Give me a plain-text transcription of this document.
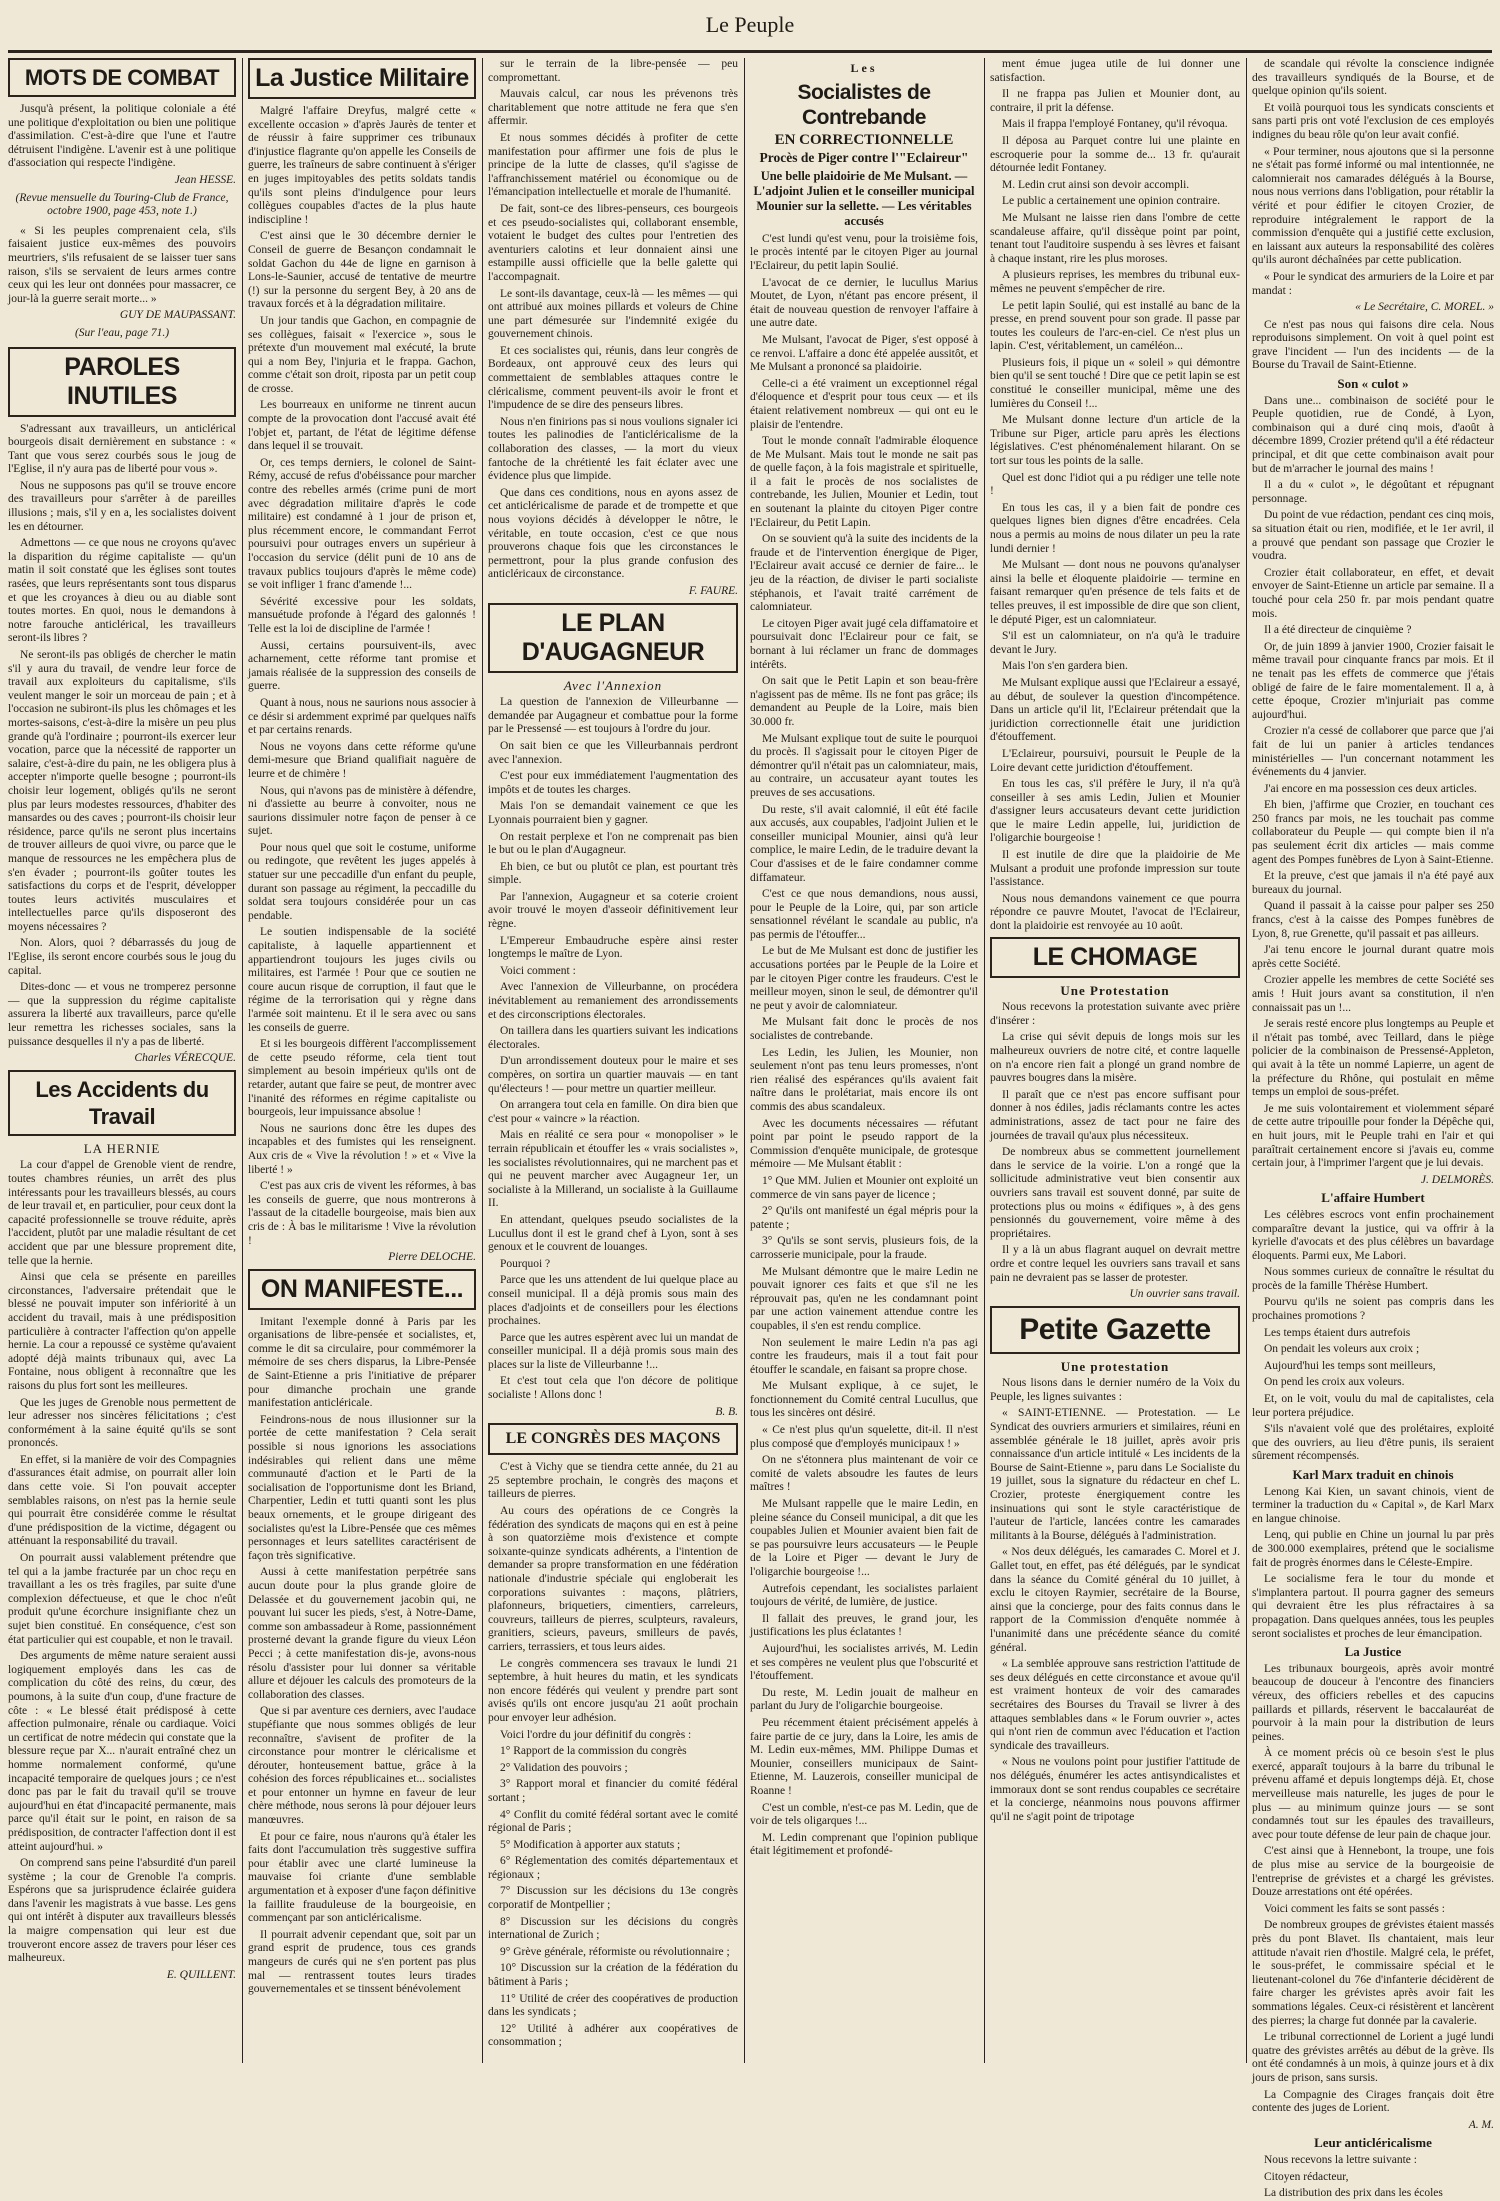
Le Peuple
MOTS DE COMBAT

Jusqu'à présent, la politique coloniale a été une politique d'exploitation ou bien une politique d'assimilation. C'est-à-dire que l'une et l'autre détruisent l'indigène. L'avenir est à une politique d'association qui respecte l'indigène.

Jean HESSE.
(Revue mensuelle du Touring-Club de France, octobre 1900, page 453, note 1.)

« Si les peuples comprenaient cela, s'ils faisaient justice eux-mêmes des pouvoirs meurtriers, s'ils refusaient de se laisser tuer sans raison, s'ils se servaient de leurs armes contre ceux qui les leur ont données pour massacrer, ce jour-là la guerre serait morte... »

GUY DE MAUPASSANT.
(Sur l'eau, page 71.)
PAROLES INUTILES

S'adressant aux travailleurs, un anticlérical bourgeois disait dernièrement en substance : « Tant que vous serez courbés sous le joug de l'Eglise, il n'y aura pas de liberté pour vous ».

Nous ne supposons pas qu'il se trouve encore des travailleurs pour s'arrêter à de pareilles illusions ; mais, s'il y en a, les socialistes doivent les en détourner.

Admettons — ce que nous ne croyons qu'avec la disparition du régime capitaliste — qu'un matin il soit constaté que les églises sont toutes rasées, que leurs représentants sont tous disparus et que les croyances à dieu ou au diable sont toutes mortes. En quoi, nous le demandons à notre farouche anticlérical, les travailleurs seront-ils libres ?

Ne seront-ils pas obligés de chercher le matin s'il y aura du travail, de vendre leur force de travail aux exploiteurs du capitalisme, s'ils veulent manger le soir un morceau de pain ; et à l'occasion ne subiront-ils plus les chômages et les mortes-saisons, c'est-à-dire la misère un peu plus grande qu'à l'ordinaire ; pourront-ils exercer leur vocation, parce que la nécessité de rapporter un salaire, c'est-à-dire du pain, ne les obligera plus à accepter n'importe quelle besogne ; pourront-ils choisir leur logement, obligés qu'ils ne seront plus par leurs modestes ressources, d'habiter des mansardes ou des caves ; pourront-ils choisir leur résidence, parce qu'ils ne seront plus incertains de trouver ailleurs de quoi vivre, ou parce que le manque de ressources ne les empêchera plus de s'en évader ; pourront-ils goûter toutes les satisfactions du corps et de l'esprit, développer toutes leurs activités musculaires et intellectuelles parce qu'ils disposeront des moyens nécessaires ?

Non. Alors, quoi ? débarrassés du joug de l'Eglise, ils seront encore courbés sous le joug du capital.

Dites-donc — et vous ne tromperez personne — que la suppression du régime capitaliste assurera la liberté aux travailleurs, parce qu'elle leur remettra les richesses sociales, sans la puissance desquelles il n'y a pas de liberté.

Charles VÉRECQUE.
Les Accidents du Travail
LA HERNIE

La cour d'appel de Grenoble vient de rendre, toutes chambres réunies, un arrêt des plus intéressants pour les travailleurs blessés, au cours de leur travail et, en particulier, pour ceux dont la capacité professionnelle se trouve réduite, après l'accident, plutôt par une maladie résultant de cet accident que par une blessure proprement dite, telle que la hernie.

Ainsi que cela se présente en pareilles circonstances, l'adversaire prétendait que le blessé ne pouvait imputer son infériorité à un accident du travail, mais à une prédisposition particulière à contracter l'affection qu'on appelle hernie. La cour a repoussé ce système qu'avaient adopté déjà maints tribunaux qui, avec La Fontaine, nous obligent à reconnaître que les raisons du plus fort sont les meilleures.

Que les juges de Grenoble nous permettent de leur adresser nos sincères félicitations ; c'est conformément à la saine équité qu'ils se sont prononcés.

En effet, si la manière de voir des Compagnies d'assurances était admise, on pourrait aller loin dans cette voie. Si l'on pouvait accepter semblables raisons, on n'est pas la hernie seule qui pourrait être considérée comme le résultat d'une prédisposition de la victime, dégagent ou atténuant la responsabilité du travail.

On pourrait aussi valablement prétendre que tel qui a la jambe fracturée par un choc reçu en travaillant a les os très fragiles, par suite d'une complexion défectueuse, et que le choc n'eût produit qu'une écorchure insignifiante chez un sujet bien constitué. En conséquence, c'est son état particulier qui est coupable, et non le travail.

Des arguments de même nature seraient aussi logiquement employés dans les cas de complication du côté des reins, du cœur, des poumons, à la suite d'un coup, d'une fracture de côte : « Le blessé était prédisposé à cette affection pulmonaire, rénale ou cardiaque. Voici un certificat de notre médecin qui constate que la blessure reçue par X... n'aurait entraîné chez un homme normalement conformé, qu'une incapacité temporaire de quelques jours ; ce n'est donc pas par le fait du travail qu'il se trouve aujourd'hui en état d'incapacité permanente, mais parce qu'il était sur le point, en raison de sa prédisposition, de contracter l'affection dont il est atteint aujourd'hui. »

On comprend sans peine l'absurdité d'un pareil système ; la cour de Grenoble l'a compris. Espérons que sa jurisprudence éclairée guidera dans l'avenir les magistrats à vue basse. Les gens qui ont intérêt à disputer aux travailleurs blessés la maigre compensation qui leur est due trouveront encore assez de travers pour léser ces malheureux.

E. QUILLENT.
La Justice Militaire

Malgré l'affaire Dreyfus, malgré cette « excellente occasion » d'après Jaurès de tenter et de réussir à faire supprimer ces tribunaux d'injustice flagrante qu'on appelle les Conseils de guerre, les traîneurs de sabre continuent à s'ériger en juges impitoyables des petits soldats tandis qu'ils sont pleins d'indulgence pour leurs collègues coupables d'actes de la plus haute indiscipline !

C'est ainsi que le 30 décembre dernier le Conseil de guerre de Besançon condamnait le soldat Gachon du 44e de ligne en garnison à Lons-le-Saunier, accusé de tentative de meurtre (!) sur la personne du sergent Bey, à 20 ans de travaux forcés et à la dégradation militaire.

Un jour tandis que Gachon, en compagnie de ses collègues, faisait « l'exercice », sous le prétexte d'un mouvement mal exécuté, la brute qui a nom Bey, l'injuria et le frappa. Gachon, comme c'était son droit, riposta par un petit coup de crosse.

Les bourreaux en uniforme ne tinrent aucun compte de la provocation dont l'accusé avait été l'objet et, partant, de l'état de légitime défense dans lequel il se trouvait.

Or, ces temps derniers, le colonel de Saint-Rémy, accusé de refus d'obéissance pour marcher contre des rebelles armés (crime puni de mort avec dégradation militaire d'après le code militaire) est condamné à 1 jour de prison et, plus récemment encore, le commandant Ferrot poursuivi pour outrages envers un supérieur à l'occasion du service (délit puni de 10 ans de travaux publics toujours d'après le même code) se voit infliger 1 franc d'amende !...

Sévérité excessive pour les soldats, mansuétude profonde à l'égard des galonnés ! Telle est la loi de discipline de l'armée !

Aussi, certains poursuivent-ils, avec acharnement, cette réforme tant promise et jamais réalisée de la suppression des conseils de guerre.

Quant à nous, nous ne saurions nous associer à ce désir si ardemment exprimé par quelques naïfs et par certains renards.

Nous ne voyons dans cette réforme qu'une demi-mesure que Briand qualifiait naguère de leurre et de chimère !

Nous, qui n'avons pas de ministère à défendre, ni d'assiette au beurre à convoiter, nous ne saurions dissimuler notre façon de penser à ce sujet.

Pour nous quel que soit le costume, uniforme ou redingote, que revêtent les juges appelés à statuer sur une peccadille d'un enfant du peuple, durant son passage au régiment, la peccadille du soldat sera toujours considérée pour un cas pendable.

Le soutien indispensable de la société capitaliste, à laquelle appartiennent et appartiendront toujours les juges civils ou militaires, est l'armée ! Pour que ce soutien ne coure aucun risque de corruption, il faut que le régime de la terrorisation qui y règne dans l'armée soit maintenu. Et il le sera avec ou sans les conseils de guerre.

Et si les bourgeois diffèrent l'accomplissement de cette pseudo réforme, cela tient tout simplement au besoin impérieux qu'ils ont de retarder, autant que faire se peut, de montrer avec l'inanité des réformes en régime capitaliste ou bourgeois, leur impuissance absolue !

Nous ne saurions donc être les dupes des incapables et des fumistes qui les renseignent. Aux cris de « Vive la révolution ! » et « Vive la liberté ! »

C'est pas aux cris de vivent les réformes, à bas les conseils de guerre, que nous montrerons à l'assaut de la citadelle bourgeoise, mais bien aux cris de : À bas le militarisme ! Vive la révolution !

Pierre DELOCHE.
ON MANIFESTE...

Imitant l'exemple donné à Paris par les organisations de libre-pensée et socialistes, et, comme le dit sa circulaire, pour commémorer la mémoire de ses chers disparus, la Libre-Pensée de Saint-Etienne a pris l'initiative de préparer pour dimanche prochain une grande manifestation anticléricale.

Feindrons-nous de nous illusionner sur la portée de cette manifestation ? Cela serait possible si nous ignorions les associations indésirables qui relient dans une même communauté d'action et le Parti de la socialisation de l'opportunisme dont les Briand, Charpentier, Ledin et tutti quanti sont les plus beaux ornements, et le groupe dirigeant des socialistes qu'est la Libre-Pensée que ces mêmes personnages et leurs satellites caractérisent de façon très significative.

Aussi à cette manifestation perpétrée sans aucun doute pour la plus grande gloire de Delassée et du gouvernement jacobin qui, ne pouvant lui sucer les pieds, s'est, à Notre-Dame, comme son ambassadeur à Rome, passionnément prosterné devant la grande figure du vieux Léon Pecci ; à cette manifestation dis-je, avons-nous résolu d'assister pour lui donner sa véritable allure et déjouer les calculs des promoteurs de la collaboration des classes.

Que si par aventure ces derniers, avec l'audace stupéfiante que nous sommes obligés de leur reconnaître, s'avisent de profiter de la circonstance pour montrer le cléricalisme et dérouter, honteusement battue, grâce à la cohésion des forces républicaines et... socialistes et pour entonner un hymne en faveur de leur chère méthode, nous serons là pour déjouer leurs manœuvres.

Et pour ce faire, nous n'aurons qu'à étaler les faits dont l'accumulation très suggestive suffira pour établir avec une clarté lumineuse la mauvaise foi criante d'une semblable argumentation et à exposer d'une façon définitive la faillite frauduleuse de la bourgeoisie, en commençant par son anticléricalisme.

Il pourrait advenir cependant que, soit par un grand esprit de prudence, tous ces grands mangeurs de curés qui ne s'en portent pas plus mal — rentrassent toutes leurs tirades gouvernementales et se tinssent bénévolement

sur le terrain de la libre-pensée — peu compromettant.

Mauvais calcul, car nous les prévenons très charitablement que notre attitude ne fera que s'en affermir.

Et nous sommes décidés à profiter de cette manifestation pour affirmer une fois de plus le principe de la lutte de classes, qu'il s'agisse de l'affranchissement matériel ou économique ou de l'émancipation intellectuelle et morale de l'humanité.

De fait, sont-ce des libres-penseurs, ces bourgeois et ces pseudo-socialistes qui, collaborant ensemble, votaient le budget des cultes pour l'entretien des aventuriers calotins et leur donnaient ainsi une estampille aussi officielle que la belle galette qui l'accompagnait.

Le sont-ils davantage, ceux-là — les mêmes — qui ont attribué aux moines pillards et voleurs de Chine une part démesurée sur l'indemnité exigée du gouvernement chinois.

Et ces socialistes qui, réunis, dans leur congrès de Bordeaux, ont approuvé ceux des leurs qui commettaient de semblables attaques contre le cléricalisme, comment peuvent-ils avoir le front et l'impudence de se dire des penseurs libres.

Nous n'en finirions pas si nous voulions signaler ici toutes les palinodies de l'anticléricalisme de la collaboration des classes, — la mort du vieux fantoche de la chrétienté les fait éclater avec une évidence plus que limpide.

Que dans ces conditions, nous en ayons assez de cet anticléricalisme de parade et de trompette et que nous voyions décidés à développer le nôtre, le véritable, en toute occasion, c'est ce que nous prouverons chaque fois que les circonstances le permettront, pour la plus grande confusion des anticléricaux de circonstance.

F. FAURE.
LE PLAN D'AUGAGNEUR
Avec l'Annexion

La question de l'annexion de Villeurbanne — demandée par Augagneur et combattue pour la forme par le Pressensé — est toujours à l'ordre du jour.

On sait bien ce que les Villeurbannais perdront avec l'annexion.

C'est pour eux immédiatement l'augmentation des impôts et de toutes les charges.

Mais l'on se demandait vainement ce que les Lyonnais pourraient bien y gagner.

On restait perplexe et l'on ne comprenait pas bien le but ou le plan d'Augagneur.

Eh bien, ce but ou plutôt ce plan, est pourtant très simple.

Par l'annexion, Augagneur et sa coterie croient avoir trouvé le moyen d'asseoir définitivement leur règne.

L'Empereur Embaudruche espère ainsi rester longtemps le maître de Lyon.

Voici comment :

Avec l'annexion de Villeurbanne, on procédera inévitablement au remaniement des arrondissements et des circonscriptions électorales.

On taillera dans les quartiers suivant les indications électorales.

D'un arrondissement douteux pour le maire et ses compères, on sortira un quartier mauvais — en tant qu'électeurs ! — pour mettre un quartier meilleur.

On arrangera tout cela en famille. On dira bien que c'est pour « vaincre » la réaction.

Mais en réalité ce sera pour « monopoliser » le terrain républicain et étouffer les « vrais socialistes », les socialistes révolutionnaires, qui ne marchent pas et qui ne peuvent marcher avec Augagneur 1er, un socialiste à la Millerand, un socialiste à la Guillaume II.

En attendant, quelques pseudo socialistes de la Lucullus dont il est le grand chef à Lyon, sont à ses genoux et le couvrent de louanges.

Pourquoi ?

Parce que les uns attendent de lui quelque place au conseil municipal. Il a déjà promis sous main des places d'adjoints et de conseillers pour les élections prochaines.

Parce que les autres espèrent avec lui un mandat de conseiller municipal. Il a déjà promis sous main des places sur la liste de Villeurbanne !...

Et c'est tout cela que l'on décore de politique socialiste ! Allons donc !

B. B.
LE CONGRÈS DES MAÇONS

C'est à Vichy que se tiendra cette année, du 21 au 25 septembre prochain, le congrès des maçons et tailleurs de pierres.

Au cours des opérations de ce Congrès la fédération des syndicats de maçons qui en est à peine à son quatorzième mois d'existence et compte soixante-quinze syndicats adhérents, a l'intention de demander sa propre transformation en une fédération nationale d'industrie spéciale qui engloberait les corporations suivantes : maçons, plâtriers, plafonneurs, briquetiers, cimentiers, carreleurs, couvreurs, tailleurs de pierres, sculpteurs, ravaleurs, granitiers, scieurs, paveurs, smilleurs de pavés, carriers, terrassiers, et tous leurs aides.

Le congrès commencera ses travaux le lundi 21 septembre, à huit heures du matin, et les syndicats non encore fédérés qui veulent y prendre part sont avisés qu'ils ont encore jusqu'au 21 août prochain pour envoyer leur adhésion.

Voici l'ordre du jour définitif du congrès :

1° Rapport de la commission du congrès

2° Validation des pouvoirs ;

3° Rapport moral et financier du comité fédéral sortant ;

4° Conflit du comité fédéral sortant avec le comité régional de Paris ;

5° Modification à apporter aux statuts ;

6° Réglementation des comités départementaux et régionaux ;

7° Discussion sur les décisions du 13e congrès corporatif de Montpellier ;

8° Discussion sur les décisions du congrès international de Zurich ;

9° Grève générale, réformiste ou révolutionnaire ;

10° Discussion sur la création de la fédération du bâtiment à Paris ;

11° Utilité de créer des coopératives de production dans les syndicats ;

12° Utilité à adhérer aux coopératives de consommation ;

Les
Socialistes de Contrebande
EN CORRECTIONNELLE
Procès de Piger contre l'"Eclaireur"
Une belle plaidoirie de Me Mulsant. — L'adjoint Julien et le conseiller municipal Mounier sur la sellette. — Les véritables accusés

C'est lundi qu'est venu, pour la troisième fois, le procès intenté par le citoyen Piger au journal l'Eclaireur, du petit lapin Soulié.

L'avocat de ce dernier, le lucullus Marius Moutet, de Lyon, n'étant pas encore présent, il était de nouveau question de renvoyer l'affaire à une autre date.

Me Mulsant, l'avocat de Piger, s'est opposé à ce renvoi. L'affaire a donc été appelée aussitôt, et Me Mulsant a prononcé sa plaidoirie.

Celle-ci a été vraiment un exceptionnel régal d'éloquence et d'esprit pour tous ceux — et ils étaient relativement nombreux — qui ont eu le plaisir de l'entendre.

Tout le monde connaît l'admirable éloquence de Me Mulsant. Mais tout le monde ne sait pas de quelle façon, à la fois magistrale et spirituelle, il a fait le procès de nos socialistes de contrebande, les Julien, Mounier et Ledin, tout en soutenant la plainte du citoyen Piger contre l'Eclaireur, du Petit Lapin.

On se souvient qu'à la suite des incidents de la fraude et de l'intervention énergique de Piger, l'Eclaireur avait accusé ce dernier de faire... le jeu de la réaction, de diviser le parti socialiste stéphanois, et l'avait traité carrément de calomniateur.

Le citoyen Piger avait jugé cela diffamatoire et poursuivait donc l'Eclaireur pour ce fait, se bornant à lui réclamer un franc de dommages intérêts.

On sait que le Petit Lapin et son beau-frère n'agissent pas de même. Ils ne font pas grâce; ils demandent au Peuple de la Loire, mais bien 30.000 fr.

Me Mulsant explique tout de suite le pourquoi du procès. Il s'agissait pour le citoyen Piger de démontrer qu'il n'était pas un calomniateur, mais, au contraire, un accusateur ayant toutes les preuves de ses accusations.

Du reste, s'il avait calomnié, il eût été facile aux accusés, aux coupables, l'adjoint Julien et le conseiller municipal Mounier, ainsi qu'à leur complice, le maire Ledin, de le traduire devant la Cour d'assises et de le faire condamner comme diffamateur.

C'est ce que nous demandions, nous aussi, pour le Peuple de la Loire, qui, par son article sensationnel révélant le scandale au public, n'a pas permis de l'étouffer...

Le but de Me Mulsant est donc de justifier les accusations portées par le Peuple de la Loire et par le citoyen Piger contre les fraudeurs. C'est le meilleur moyen, sinon le seul, de démontrer qu'il ne peut y avoir de calomniateur.

Me Mulsant fait donc le procès de nos socialistes de contrebande.

Les Ledin, les Julien, les Mounier, non seulement n'ont pas tenu leurs promesses, n'ont rien réalisé des espérances qu'ils avaient fait naître dans le prolétariat, mais encore ils ont commis des abus scandaleux.

Avec les documents nécessaires — réfutant point par point le pseudo rapport de la Commission d'enquête municipale, de grotesque mémoire — Me Mulsant établit :

1° Que MM. Julien et Mounier ont exploité un commerce de vin sans payer de licence ;

2° Qu'ils ont manifesté un égal mépris pour la patente ;

3° Qu'ils se sont servis, plusieurs fois, de la carrosserie municipale, pour la fraude.

Me Mulsant démontre que le maire Ledin ne pouvait ignorer ces faits et que s'il ne les réprouvait pas, qu'en ne les condamnant point par une action vainement attendue contre les coupables, il s'en est rendu complice.

Non seulement le maire Ledin n'a pas agi contre les fraudeurs, mais il a tout fait pour étouffer le scandale, en faisant sa propre chose.

Me Mulsant explique, à ce sujet, le fonctionnement du Comité central Lucullus, que tous les sincères ont désiré.

« Ce n'est plus qu'un squelette, dit-il. Il n'est plus composé que d'employés municipaux ! »

On ne s'étonnera plus maintenant de voir ce comité de valets absoudre les fautes de leurs maîtres !

Me Mulsant rappelle que le maire Ledin, en pleine séance du Conseil municipal, a dit que les coupables Julien et Mounier avaient bien fait de se pas poursuivre leurs accusateurs — le Peuple de la Loire et Piger — devant le Jury de l'oligarchie bourgeoise !...

Autrefois cependant, les socialistes parlaient toujours de vérité, de lumière, de justice.

Il fallait des preuves, le grand jour, les justifications les plus éclatantes !

Aujourd'hui, les socialistes arrivés, M. Ledin et ses compères ne veulent plus que l'obscurité et l'étouffement.

Du reste, M. Ledin jouait de malheur en parlant du Jury de l'oligarchie bourgeoise.

Peu récemment étaient précisément appelés à faire partie de ce jury, dans la Loire, les amis de M. Ledin eux-mêmes, MM. Philippe Dumas et Mounier, conseillers municipaux de Saint-Etienne, M. Lauzerois, conseiller municipal de Roanne !

C'est un comble, n'est-ce pas M. Ledin, que de voir de tels oligarques !...

M. Ledin comprenant que l'opinion publique était légitimement et profondé-

ment émue jugea utile de lui donner une satisfaction.

Il ne frappa pas Julien et Mounier dont, au contraire, il prit la défense.

Mais il frappa l'employé Fontaney, qu'il révoqua.

Il déposa au Parquet contre lui une plainte en escroquerie pour la somme de... 13 fr. qu'aurait détournée ledit Fontaney.

M. Ledin crut ainsi son devoir accompli.

Le public a certainement une opinion contraire.

Me Mulsant ne laisse rien dans l'ombre de cette scandaleuse affaire, qu'il dissèque point par point, tenant tout l'auditoire suspendu à ses lèvres et faisant à chaque instant, rire les plus moroses.

A plusieurs reprises, les membres du tribunal eux-mêmes ne peuvent s'empêcher de rire.

Le petit lapin Soulié, qui est installé au banc de la presse, en prend souvent pour son grade. Il passe par toutes les couleurs de l'arc-en-ciel. Ce n'est plus un lapin. C'est, véritablement, un caméléon...

Plusieurs fois, il pique un « soleil » qui démontre bien qu'il se sent touché ! Dire que ce petit lapin se est constitué le conseiller municipal, même une des lumières du Conseil !...

Me Mulsant donne lecture d'un article de la Tribune sur Piger, article paru après les élections législatives. C'est phénoménalement hilarant. On se tort sur tous les points de la salle.

Quel est donc l'idiot qui a pu rédiger une telle note !

En tous les cas, il y a bien fait de pondre ces quelques lignes bien dignes d'être encadrées. Cela nous a permis au moins de nous dilater un peu la rate lundi dernier !

Me Mulsant — dont nous ne pouvons qu'analyser ainsi la belle et éloquente plaidoirie — termine en faisant remarquer qu'en présence de tels faits et de telles preuves, il est impossible de dire que son client, le député Piger, est un calomniateur.

S'il est un calomniateur, on n'a qu'à le traduire devant le Jury.

Mais l'on s'en gardera bien.

Me Mulsant explique aussi que l'Eclaireur a essayé, au début, de soulever la question d'incompétence. Dans un article qu'il lit, l'Eclaireur prétendait que la juridiction correctionnelle était une juridiction d'étouffement.

L'Eclaireur, poursuivi, poursuit le Peuple de la Loire devant cette juridiction d'étouffement.

En tous les cas, s'il préfère le Jury, il n'a qu'à conseiller à ses amis Ledin, Julien et Mounier d'assigner leurs accusateurs devant cette juridiction que le maire Ledin appelle, lui, juridiction de l'oligarchie bourgeoise !

Il est inutile de dire que la plaidoirie de Me Mulsant a produit une profonde impression sur toute l'assistance.

Nous nous demandons vainement ce que pourra répondre ce pauvre Moutet, l'avocat de l'Eclaireur, dont la plaidoirie est renvoyée au 10 août.

LE CHOMAGE
Une Protestation

Nous recevons la protestation suivante avec prière d'insérer :

La crise qui sévit depuis de longs mois sur les malheureux ouvriers de notre cité, et contre laquelle on n'a encore rien fait a plongé un grand nombre de pauvres bougres dans la misère.

Il paraît que ce n'est pas encore suffisant pour donner à nos édiles, jadis réclamants contre les actes administrations, assez de tact pour ne faire des journées de travail qu'aux plus nécessiteux.

De nombreux abus se commettent journellement dans le service de la voirie. L'on a rongé que la sollicitude administrative veut bien consentir aux ouvriers sans travail est souvent donné, par suite de protections plus ou moins « édifiques », à des gens pensionnés du gouvernement, voire même à des propriétaires.

Il y a là un abus flagrant auquel on devrait mettre ordre et contre lequel les ouvriers sans travail et sans pain ne devraient pas se lasser de protester.

Un ouvrier sans travail.
Petite Gazette
Une protestation

Nous lisons dans le dernier numéro de la Voix du Peuple, les lignes suivantes :

« SAINT-ETIENNE. — Protestation. — Le Syndicat des ouvriers armuriers et similaires, réuni en assemblée générale le 18 juillet, après avoir pris connaissance d'un article intitulé « Les incidents de la Bourse de Saint-Etienne », paru dans Le Socialiste du 19 juillet, sous la signature du rédacteur en chef L. Crozier, proteste énergiquement contre les insinuations qui sont le style caractéristique de l'auteur de l'article, lancées contre les camarades militants à la Bourse, délégués à l'administration.

« Nos deux délégués, les camarades C. Morel et J. Gallet tout, en effet, pas été délégués, par le syndicat dans la séance du Comité général du 10 juillet, à exclu le citoyen Raymier, secrétaire de la Bourse, ainsi que la concierge, pour des faits connus dans le rapport de la Commission d'enquête nommée à l'unanimité dans une précédente séance du comité général.

« La semblée approuve sans restriction l'attitude de ses deux délégués en cette circonstance et avoue qu'il est vraiment honteux de voir des camarades secrétaires des Bourses du Travail se livrer à des attaques semblables dans « le Forum ouvrier », actes qui n'ont rien de commun avec l'éducation et l'action syndicale des travailleurs.

« Nous ne voulons point pour justifier l'attitude de nos délégués, énumérer les actes antisyndicalistes et immoraux dont se sont rendus coupables ce secrétaire et la concierge, néanmoins nous pouvons affirmer qu'il ne s'agit point de tripotage

de scandale qui révolte la conscience indignée des travailleurs syndiqués de la Bourse, et de quelque opinion qu'ils soient.

Et voilà pourquoi tous les syndicats conscients et sans parti pris ont voté l'exclusion de ces employés indignes du beau rôle qu'on leur avait confié.

« Pour terminer, nous ajoutons que si la personne ne s'était pas formé informé ou mal intentionnée, ne calomnierait nos camarades délégués à la Bourse, nous nous verrions dans l'obligation, pour rétablir la vérité et pour édifier le citoyen Crozier, de reproduire intégralement le rapport de la commission d'enquête qui a justifié cette exclusion, en laissant aux auteurs la responsabilité des colères qu'ils auront déchaînées par cette publication.

« Pour le syndicat des armuriers de la Loire et par mandat :

« Le Secrétaire, C. MOREL. »

Ce n'est pas nous qui faisons dire cela. Nous reproduisons simplement. On voit à quel point est grave l'incident — l'un des incidents — de la Bourse du Travail de Saint-Etienne.

Son « culot »

Dans une... combinaison de société pour le Peuple quotidien, rue de Condé, à Lyon, combinaison qui a duré cinq mois, d'août à décembre 1899, Crozier prétend qu'il a été rédacteur principal, et dit que cette combinaison avait pour but de m'arracher le journal des mains !

Il a du « culot », le dégoûtant et répugnant personnage.

Du point de vue rédaction, pendant ces cinq mois, sa situation était ou rien, modifiée, et le 1er avril, il a prouvé que pendant son passage que Crozier le voudra.

Crozier était collaborateur, en effet, et devait envoyer de Saint-Etienne un article par semaine. Il a touché pour cela 250 fr. par mois pendant quatre mois.

Il a été directeur de cinquième ?

Or, de juin 1899 à janvier 1900, Crozier faisait le même travail pour cinquante francs par mois. Et il ne tenait pas les effets de commerce que j'étais obligé de faire de le faire momentalement. Il a, à cette époque, Crozier m'injuriait pas comme aujourd'hui.

Crozier n'a cessé de collaborer que parce que j'ai fait de lui un panier à articles tendances ministérielles — l'un concernant notamment les événements du 4 janvier.

J'ai encore en ma possession ces deux articles.

Eh bien, j'affirme que Crozier, en touchant ces 250 francs par mois, ne les touchait pas comme collaborateur du Peuple — qui compte bien il n'a pas seulement écrit dix articles — mais comme agent des Pompes funèbres de Lyon à Saint-Etienne.

Et la preuve, c'est que jamais il n'a été payé aux bureaux du journal.

Quand il passait à la caisse pour palper ses 250 francs, c'est à la caisse des Pompes funèbres de Lyon, 8, rue Grenette, qu'il passait et pas ailleurs.

J'ai tenu encore le journal durant quatre mois après cette Société.

Crozier appelle les membres de cette Société ses amis ! Huit jours avant sa constitution, il n'en connaissait pas un !...

Je serais resté encore plus longtemps au Peuple et il n'était pas tombé, avec Teillard, dans le piège policier de la combinaison de Pressensé-Appleton, qui avait à la tête un nommé Lapierre, un agent de la préfecture du Rhône, qui postulait en même temps un emploi de sous-préfet.

Je me suis volontairement et violemment séparé de cette autre tripouille pour fonder la Dépêche qui, en huit jours, mit le Peuple trahi en l'air et qui paraîtrait certainement encore si j'avais eu, comme certain jour, à l'imprimer l'argent que je lui devais.

J. DELMORÈS.
L'affaire Humbert

Les célèbres escrocs vont enfin prochainement comparaître devant la justice, qui va offrir à la kyrielle d'avocats et des plus célèbres un bavardage éloquents. Parmi eux, Me Labori.

Nous sommes curieux de connaître le résultat du procès de la famille Thérèse Humbert.

Pourvu qu'ils ne soient pas compris dans les prochaines promotions ?

Les temps étaient durs autrefois

On pendait les voleurs aux croix ;

Aujourd'hui les temps sont meilleurs,

On pend les croix aux voleurs.

Et, on le voit, voulu du mal de capitalistes, cela leur portera préjudice.

S'ils n'avaient volé que des prolétaires, exploité que des ouvriers, au lieu d'être punis, ils seraient sûrement récompensés.

Karl Marx traduit en chinois

Lenong Kai Kien, un savant chinois, vient de terminer la traduction du « Capital », de Karl Marx en langue chinoise.

Lenq, qui publie en Chine un journal lu par près de 300.000 exemplaires, prétend que le socialisme fait de progrès énormes dans le Céleste-Empire.

Le socialisme fera le tour du monde et s'implantera partout. Il pourra gagner des semeurs qui devraient être les plus réfractaires à sa propagation. Dans quelques années, tous les peuples seront socialistes et proches de leur émancipation.

La Justice

Les tribunaux bourgeois, après avoir montré beaucoup de douceur à l'encontre des financiers véreux, des officiers rebelles et des capucins paillards et pillards, réservent le baccalauréat de pourvoir à la main pour la distribution de leurs peines.

À ce moment précis où ce besoin s'est le plus exercé, apparaît toujours à la barre du tribunal le prévenu affamé et depuis longtemps déjà. Et, chose merveilleuse mais naturelle, les juges de pour le plus — au minimum quinze jours — se sont condamnés tout sur les épaules des travailleurs, avec pour toute défense de leur pain de chaque jour.

C'est ainsi que à Hennebont, la troupe, une fois de plus mise au service de la bourgeoisie de l'entreprise de grévistes et a chargé les grévistes. Douze arrestations ont été opérées.

Voici comment les faits se sont passés :

De nombreux groupes de grévistes étaient massés près du pont Blavet. Ils chantaient, mais leur attitude n'avait rien d'hostile. Malgré cela, le préfet, le sous-préfet, le commissaire spécial et le lieutenant-colonel du 76e d'infanterie décidèrent de faire charger les grévistes après avoir fait les sommations légales. Ceux-ci résistèrent et lancèrent des pierres; la charge fut donnée par la cavalerie.

Le tribunal correctionnel de Lorient a jugé lundi quatre des grévistes arrêtés au début de la grève. Ils ont été condamnés à un mois, à quinze jours et à dix jours de prison, sans sursis.

La Compagnie des Cirages français doit être contente des juges de Lorient.

A. M.
Leur anticléricalisme

Nous recevons la lettre suivante :

Citoyen rédacteur,

La distribution des prix dans les écoles
